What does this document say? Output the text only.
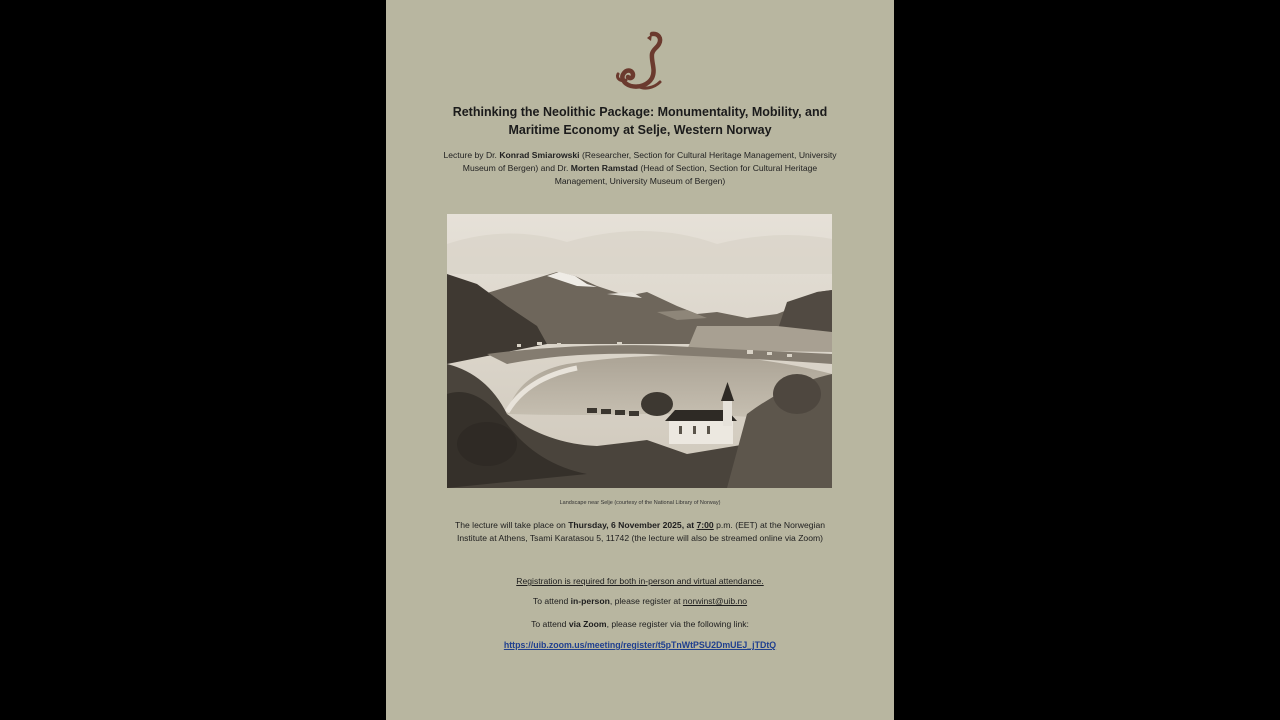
Rethinking the Neolithic Package: Monumentality, Mobility, and
Maritime Economy at Selje, Western Norway
Lecture by Dr. Konrad Smiarowski (Researcher, Section for Cultural Heritage Management, University Museum of Bergen) and Dr. Morten Ramstad (Head of Section, Section for Cultural Heritage Management, University Museum of Bergen)
Landscape near Selje (courtesy of the National Library of Norway)
The lecture will take place on Thursday, 6 November 2025, at 7:00 p.m. (EET) at the Norwegian Institute at Athens, Tsami Karatasou 5, 11742 (the lecture will also be streamed online via Zoom)
Registration is required for both in-person and virtual attendance.
To attend in-person, please register at norwinst@uib.no
To attend via Zoom, please register via the following link:
https://uib.zoom.us/meeting/register/t5pTnWtPSU2DmUEJ_jTDtQ
